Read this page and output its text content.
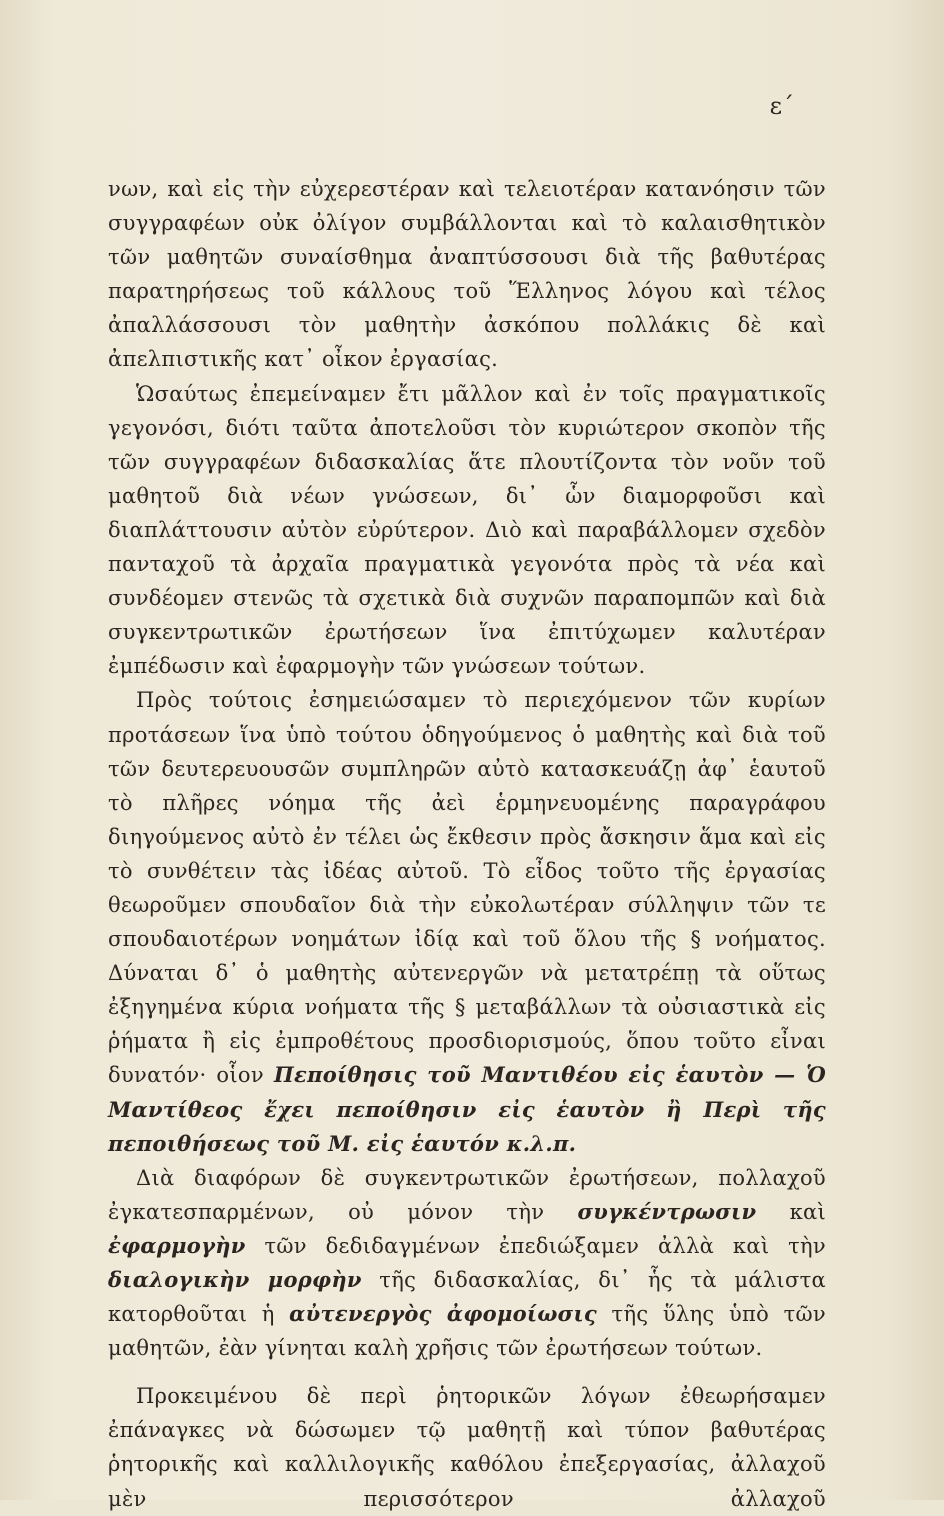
ε΄

νων, καὶ εἰς τὴν εὐχερεστέραν καὶ τελειοτέραν κατανόησιν τῶν συγγραφέων οὐκ ὀλίγον συμβάλλονται καὶ τὸ καλαισθητικὸν τῶν μαθητῶν συναίσθημα ἀναπτύσσουσι διὰ τῆς βαθυτέρας παρατηρήσεως τοῦ κάλλους τοῦ Ἕλληνος λόγου καὶ τέλος ἀπαλλάσσουσι τὸν μαθητὴν ἀσκόπου πολλάκις δὲ καὶ ἀπελπιστικῆς κατ᾽ οἶκον ἐργασίας.

Ὡσαύτως ἐπεμείναμεν ἔτι μᾶλλον καὶ ἐν τοῖς πραγματικοῖς γεγονόσι, διότι ταῦτα ἀποτελοῦσι τὸν κυριώτερον σκοπὸν τῆς τῶν συγγραφέων διδασκαλίας ἅτε πλουτίζοντα τὸν νοῦν τοῦ μαθητοῦ διὰ νέων γνώσεων, δι᾽ ὧν διαμορφοῦσι καὶ διαπλάττουσιν αὐτὸν εὐρύτερον. Διὸ καὶ παραβάλλομεν σχεδὸν πανταχοῦ τὰ ἀρχαῖα πραγματικὰ γεγονότα πρὸς τὰ νέα καὶ συνδέομεν στενῶς τὰ σχετικὰ διὰ συχνῶν παραπομπῶν καὶ διὰ συγκεντρωτικῶν ἐρωτήσεων ἵνα ἐπιτύχωμεν καλυτέραν ἐμπέδωσιν καὶ ἐφαρμογὴν τῶν γνώσεων τούτων.

Πρὸς τούτοις ἐσημειώσαμεν τὸ περιεχόμενον τῶν κυρίων προτάσεων ἵνα ὑπὸ τούτου ὁδηγούμενος ὁ μαθητὴς καὶ διὰ τοῦ τῶν δευτερευουσῶν συμπληρῶν αὐτὸ κατασκευάζῃ ἀφ᾽ ἑαυτοῦ τὸ πλῆρες νόημα τῆς ἀεὶ ἑρμηνευομένης παραγράφου διηγούμενος αὐτὸ ἐν τέλει ὡς ἔκθεσιν πρὸς ἄσκησιν ἅμα καὶ εἰς τὸ συνθέτειν τὰς ἰδέας αὐτοῦ. Τὸ εἶδος τοῦτο τῆς ἐργασίας θεωροῦμεν σπουδαῖον διὰ τὴν εὐκολωτέραν σύλληψιν τῶν τε σπουδαιοτέρων νοημάτων ἰδίᾳ καὶ τοῦ ὅλου τῆς § νοήματος. Δύναται δ᾽ ὁ μαθητὴς αὐτενεργῶν νὰ μετατρέπῃ τὰ οὕτως ἐξηγημένα κύρια νοήματα τῆς § μεταβάλλων τὰ οὐσιαστικὰ εἰς ῥήματα ἢ εἰς ἐμπροθέτους προσδιορισμούς, ὅπου τοῦτο εἶναι δυνατόν· οἷον Πεποίθησις τοῦ Μαντιθέου εἰς ἑαυτὸν — Ὁ Μαντίθεος ἔχει πεποίθησιν εἰς ἑαυτὸν ἢ Περὶ τῆς πεποιθήσεως τοῦ Μ. εἰς ἑαυτόν κ.λ.π.

Διὰ διαφόρων δὲ συγκεντρωτικῶν ἐρωτήσεων, πολλαχοῦ ἐγκατεσπαρμένων, οὐ μόνον τὴν συγκέντρωσιν καὶ ἐφαρμογὴν τῶν δεδιδαγμένων ἐπεδιώξαμεν ἀλλὰ καὶ τὴν διαλογικὴν μορφὴν τῆς διδασκαλίας, δι᾽ ἧς τὰ μάλιστα κατορθοῦται ἡ αὐτενεργὸς ἀφομοίωσις τῆς ὕλης ὑπὸ τῶν μαθητῶν, ἐὰν γίνηται καλὴ χρῆσις τῶν ἐρωτήσεων τούτων.

Προκειμένου δὲ περὶ ῥητορικῶν λόγων ἐθεωρήσαμεν ἐπάναγκες νὰ δώσωμεν τῷ μαθητῇ καὶ τύπον βαθυτέρας ῥητορικῆς καὶ καλλιλογικῆς καθόλου ἐπεξεργασίας, ἀλλαχοῦ μὲν περισσότερον ἀλλαχοῦ
